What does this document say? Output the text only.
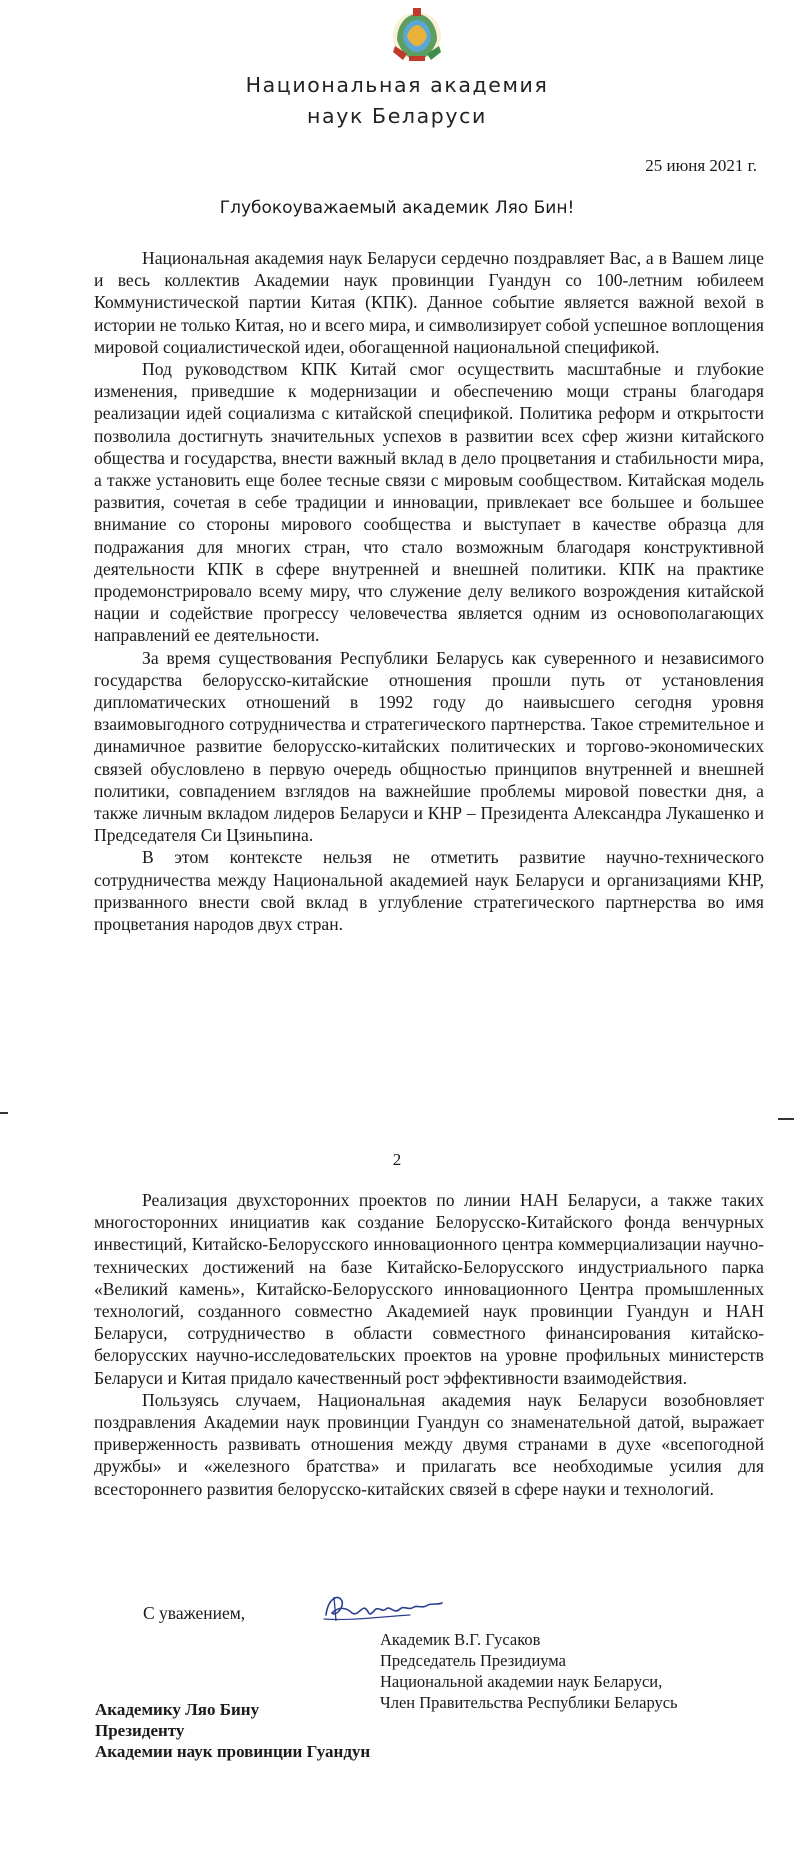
Национальная академия
наук Беларуси
25 июня 2021 г.
Глубокоуважаемый академик Ляо Бин!

Национальная академия наук Беларуси сердечно поздравляет Вас, а в Вашем лице и весь коллектив Академии наук провинции Гуандун со 100-летним юбилеем Коммунистической партии Китая (КПК). Данное событие является важной вехой в истории не только Китая, но и всего мира, и символизирует собой успешное воплощения мировой социалистической идеи, обогащенной национальной спецификой.

Под руководством КПК Китай смог осуществить масштабные и глубокие изменения, приведшие к модернизации и обеспечению мощи страны благодаря реализации идей социализма с китайской спецификой. Политика реформ и открытости позволила достигнуть значительных успехов в развитии всех сфер жизни китайского общества и государства, внести важный вклад в дело процветания и стабильности мира, а также установить еще более тесные связи с мировым сообществом. Китайская модель развития, сочетая в себе традиции и инновации, привлекает все большее и большее внимание со стороны мирового сообщества и выступает в качестве образца для подражания для многих стран, что стало возможным благодаря конструктивной деятельности КПК в сфере внутренней и внешней политики. КПК на практике продемонстрировало всему миру, что служение делу великого возрождения китайской нации и содействие прогрессу человечества является одним из основополагающих направлений ее деятельности.

За время существования Республики Беларусь как суверенного и независимого государства белорусско-китайские отношения прошли путь от установления дипломатических отношений в 1992 году до наивысшего сегодня уровня взаимовыгодного сотрудничества и стратегического партнерства. Такое стремительное и динамичное развитие белорусско-китайских политических и торгово-экономических связей обусловлено в первую очередь общностью принципов внутренней и внешней политики, совпадением взглядов на важнейшие проблемы мировой повестки дня, а также личным вкладом лидеров Беларуси и КНР – Президента Александра Лукашенко и Председателя Си Цзиньпина.

В этом контексте нельзя не отметить развитие научно-технического сотрудничества между Национальной академией наук Беларуси и организациями КНР, призванного внести свой вклад в углубление стратегического партнерства во имя процветания народов двух стран.

2

Реализация двухсторонних проектов по линии НАН Беларуси, а также таких многосторонних инициатив как создание Белорусско-Китайского фонда венчурных инвестиций, Китайско-Белорусского инновационного центра коммерциализации научно-технических достижений на базе Китайско-Белорусского индустриального парка «Великий камень», Китайско-Белорусского инновационного Центра промышленных технологий, созданного совместно Академией наук провинции Гуандун и НАН Беларуси, сотрудничество в области совместного финансирования китайско-белорусских научно-исследовательских проектов на уровне профильных министерств Беларуси и Китая придало качественный рост эффективности взаимодействия.

Пользуясь случаем, Национальная академия наук Беларуси возобновляет поздравления Академии наук провинции Гуандун со знаменательной датой, выражает приверженность развивать отношения между двумя странами в духе «всепогодной дружбы» и «железного братства» и прилагать все необходимые усилия для всестороннего развития белорусско-китайских связей в сфере науки и технологий.

С уважением,
Академик В.Г. Гусаков
Председатель Президиума
Национальной академии наук Беларуси,
Член Правительства Республики Беларусь
Академику Ляо Бину
Президенту
Академии наук провинции Гуандун
